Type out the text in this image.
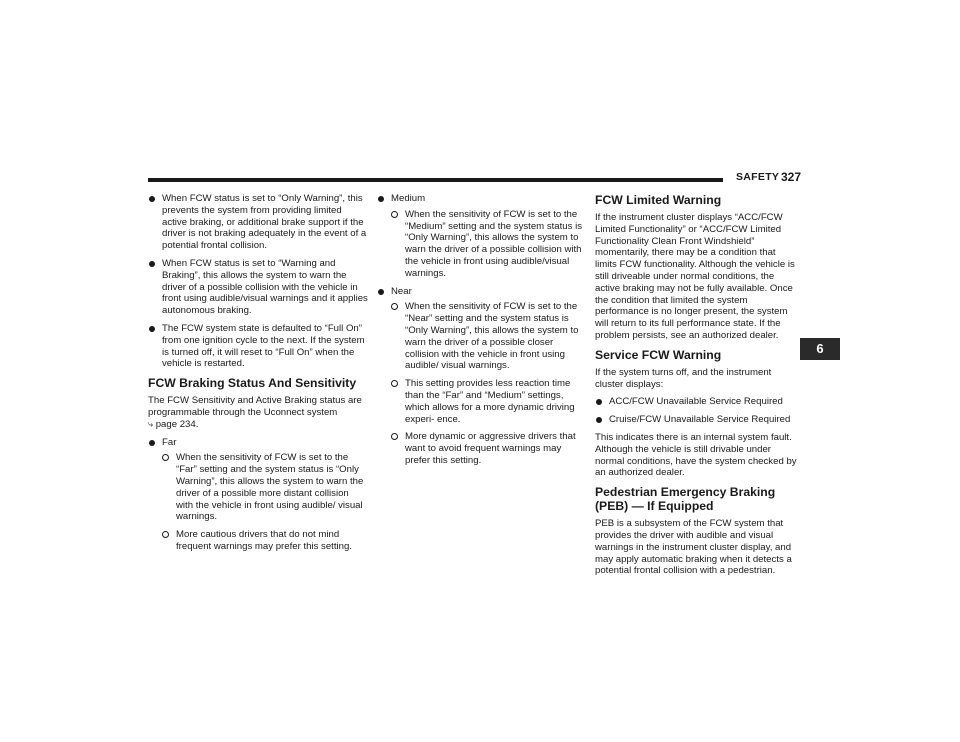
SAFETY 327
When FCW status is set to “Only Warning”, this prevents the system from providing limited active braking, or additional brake support if the driver is not braking adequately in the event of a potential frontal collision.
When FCW status is set to “Warning and Braking”, this allows the system to warn the driver of a possible collision with the vehicle in front using audible/visual warnings and it applies autonomous braking.
The FCW system state is defaulted to “Full On” from one ignition cycle to the next. If the system is turned off, it will reset to “Full On” when the vehicle is restarted.
FCW Braking Status And Sensitivity

The FCW Sensitivity and Active Braking status are programmable through the Uconnect system
⤷ page 234.

Far
When the sensitivity of FCW is set to the “Far” setting and the system status is “Only Warning”, this allows the system to warn the driver of a possible more distant collision with the vehicle in front using audible/ visual warnings.
More cautious drivers that do not mind frequent warnings may prefer this setting.
Medium
When the sensitivity of FCW is set to the “Medium” setting and the system status is “Only Warning”, this allows the system to warn the driver of a possible collision with the vehicle in front using audible/visual warnings.
Near
When the sensitivity of FCW is set to the “Near” setting and the system status is “Only Warning”, this allows the system to warn the driver of a possible closer collision with the vehicle in front using audible/ visual warnings.
This setting provides less reaction time than the “Far” and “Medium” settings, which allows for a more dynamic driving experi- ence.
More dynamic or aggressive drivers that want to avoid frequent warnings may prefer this setting.
FCW Limited Warning

If the instrument cluster displays “ACC/FCW Limited Functionality” or “ACC/FCW Limited Functionality Clean Front Windshield” momentarily, there may be a condition that limits FCW functionality. Although the vehicle is still driveable under normal conditions, the active braking may not be fully available. Once the condition that limited the system performance is no longer present, the system will return to its full performance state. If the problem persists, see an authorized dealer.

Service FCW Warning

If the system turns off, and the instrument cluster displays:

ACC/FCW Unavailable Service Required
Cruise/FCW Unavailable Service Required

This indicates there is an internal system fault. Although the vehicle is still drivable under normal conditions, have the system checked by an authorized dealer.

Pedestrian Emergency Braking
(PEB) — If Equipped

PEB is a subsystem of the FCW system that provides the driver with audible and visual warnings in the instrument cluster display, and may apply automatic braking when it detects a potential frontal collision with a pedestrian.

6
